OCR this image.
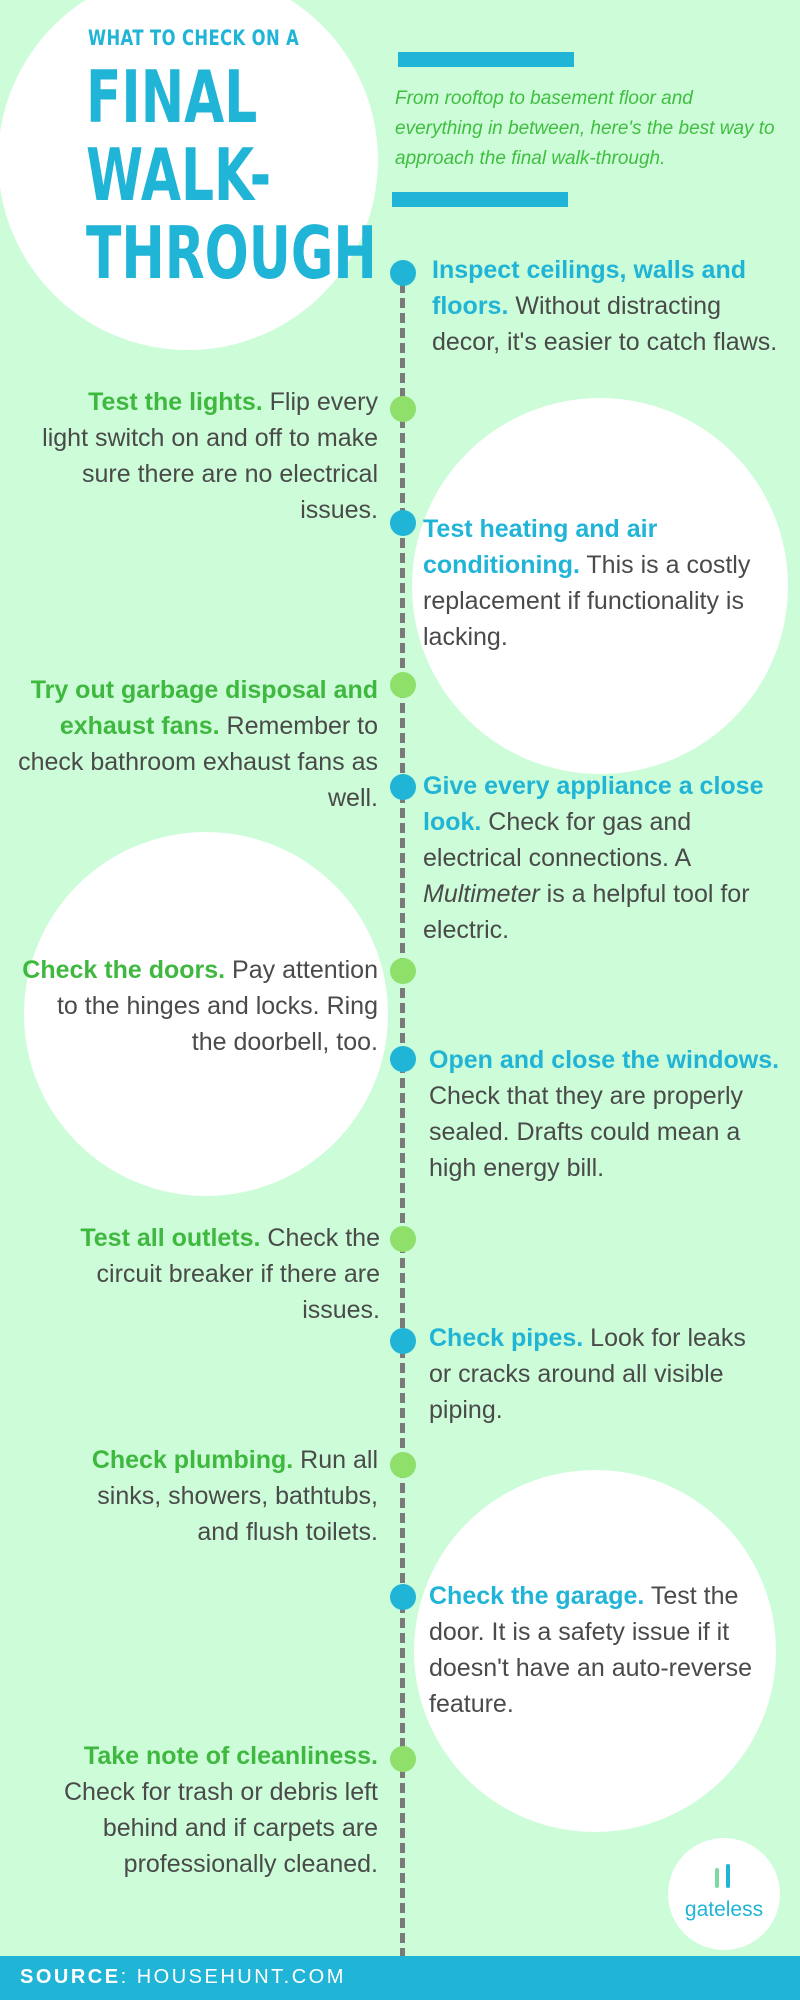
WHAT TO CHECK ON A
FINAL
WALK-
THROUGH
From rooftop to basement floor and everything in between, here's the best way to approach the final walk-through.
Inspect ceilings, walls and floors. Without distracting decor, it's easier to catch flaws.
Test the lights. Flip every light switch on and off to make sure there are no electrical issues.
Test heating and air conditioning. This is a costly replacement if functionality is lacking.
Try out garbage disposal and exhaust fans. Remember to check bathroom exhaust fans as well. Give every appliance a close look. Check for gas and electrical connections. A Multimeter is a helpful tool for electric.
Check the doors. Pay attention to the hinges and locks. Ring the doorbell, too.
Open and close the windows. Check that they are properly sealed. Drafts could mean a high energy bill.
Test all outlets. Check the circuit breaker if there are issues.
Check pipes. Look for leaks or cracks around all visible piping.
Check plumbing. Run all sinks, showers, bathtubs, and flush toilets.
Check the garage. Test the door. It is a safety issue if it doesn't have an auto-reverse feature.
Take note of cleanliness. Check for trash or debris left behind and if carpets are professionally cleaned.
gateless
SOURCE: HOUSEHUNT.COM
